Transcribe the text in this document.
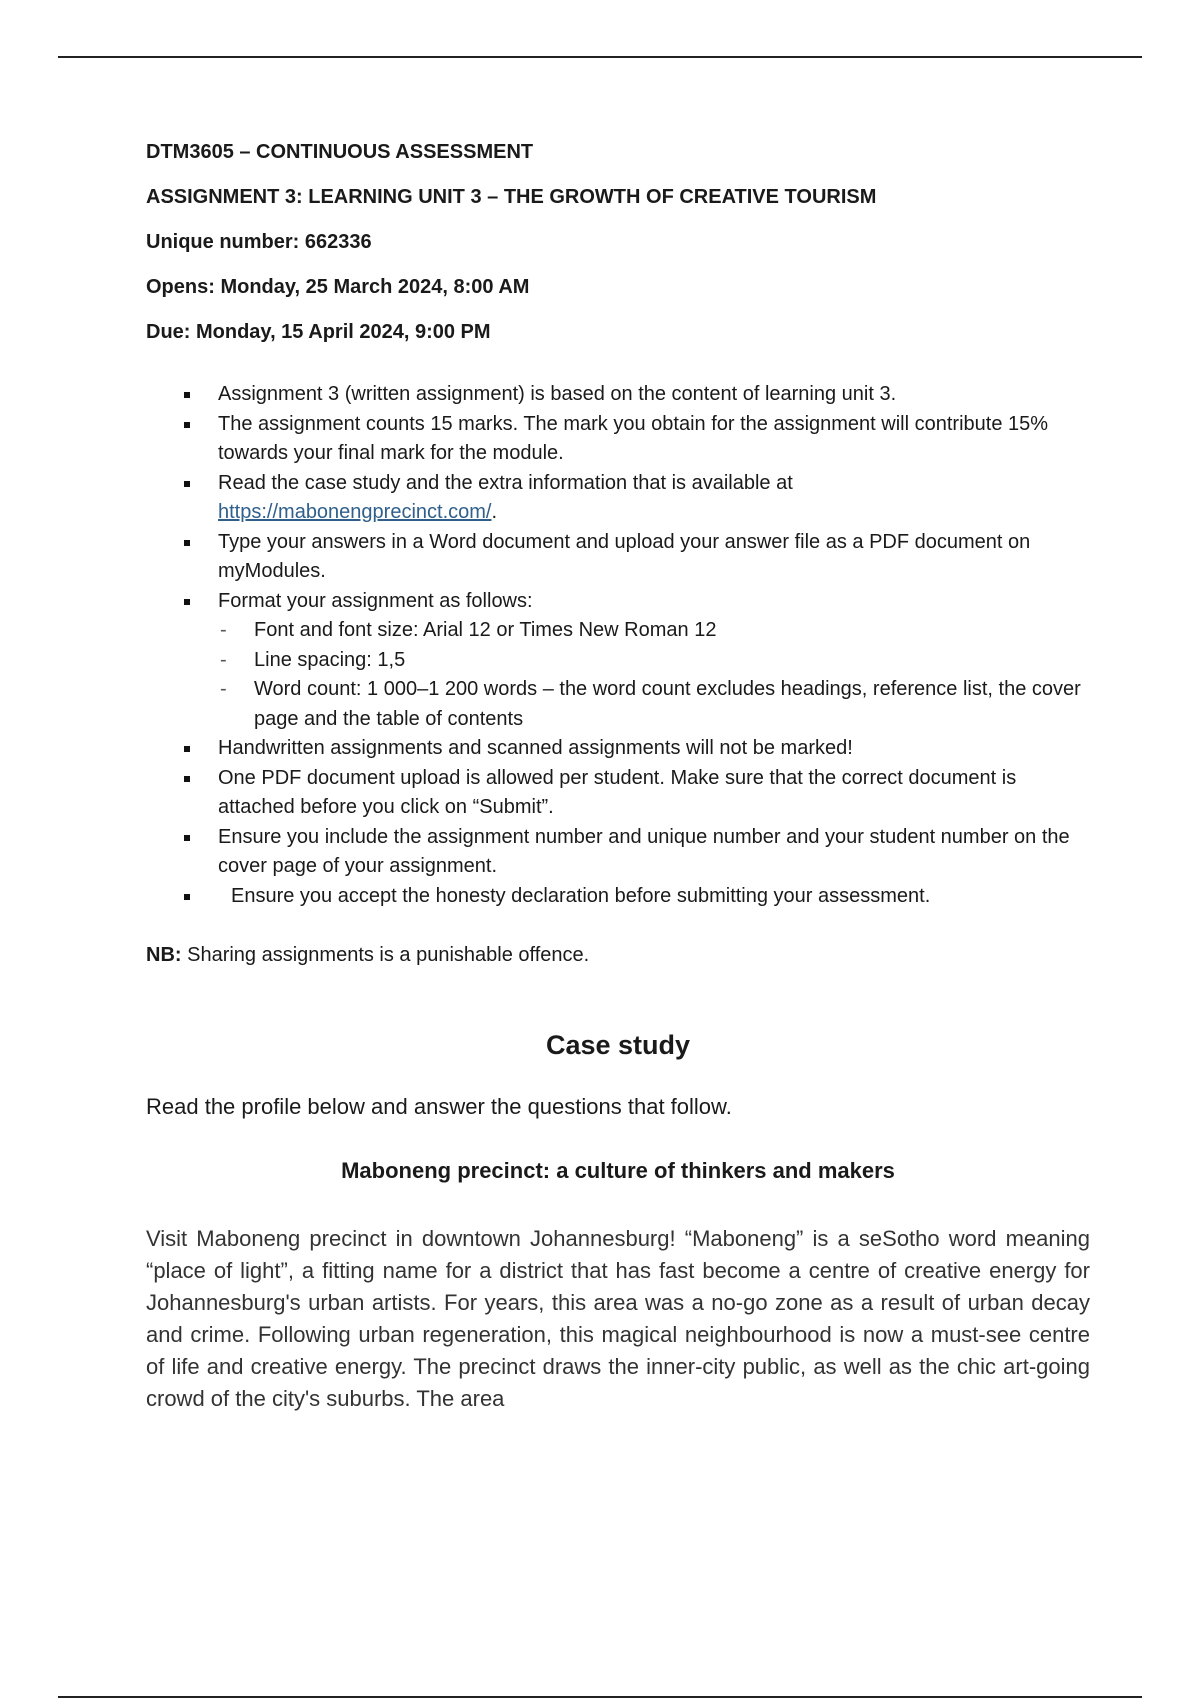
DTM3605 – CONTINUOUS ASSESSMENT
ASSIGNMENT 3: LEARNING UNIT 3 – THE GROWTH OF CREATIVE TOURISM
Unique number: 662336
Opens: Monday, 25 March 2024, 8:00 AM
Due: Monday, 15 April 2024, 9:00 PM
Assignment 3 (written assignment) is based on the content of learning unit 3.
The assignment counts 15 marks. The mark you obtain for the assignment will contribute 15% towards your final mark for the module.
Read the case study and the extra information that is available at
https://mabonengprecinct.com/.
Type your answers in a Word document and upload your answer file as a PDF document on myModules.
Format your assignment as follows:
- Font and font size: Arial 12 or Times New Roman 12
- Line spacing: 1,5
- Word count: 1 000–1 200 words – the word count excludes headings, reference list, the cover page and the table of contents
Handwritten assignments and scanned assignments will not be marked!
One PDF document upload is allowed per student. Make sure that the correct document is attached before you click on “Submit”.
Ensure you include the assignment number and unique number and your student number on the cover page of your assignment.
Ensure you accept the honesty declaration before submitting your assessment.
NB: Sharing assignments is a punishable offence.
Case study
Read the profile below and answer the questions that follow.
Maboneng precinct: a culture of thinkers and makers
Visit Maboneng precinct in downtown Johannesburg! “Maboneng” is a seSotho word meaning “place of light”, a fitting name for a district that has fast become a centre of creative energy for Johannesburg's urban artists. For years, this area was a no-go zone as a result of urban decay and crime. Following urban regeneration, this magical neighbourhood is now a must-see centre of life and creative energy. The precinct draws the inner-city public, as well as the chic art-going crowd of the city's suburbs. The area
